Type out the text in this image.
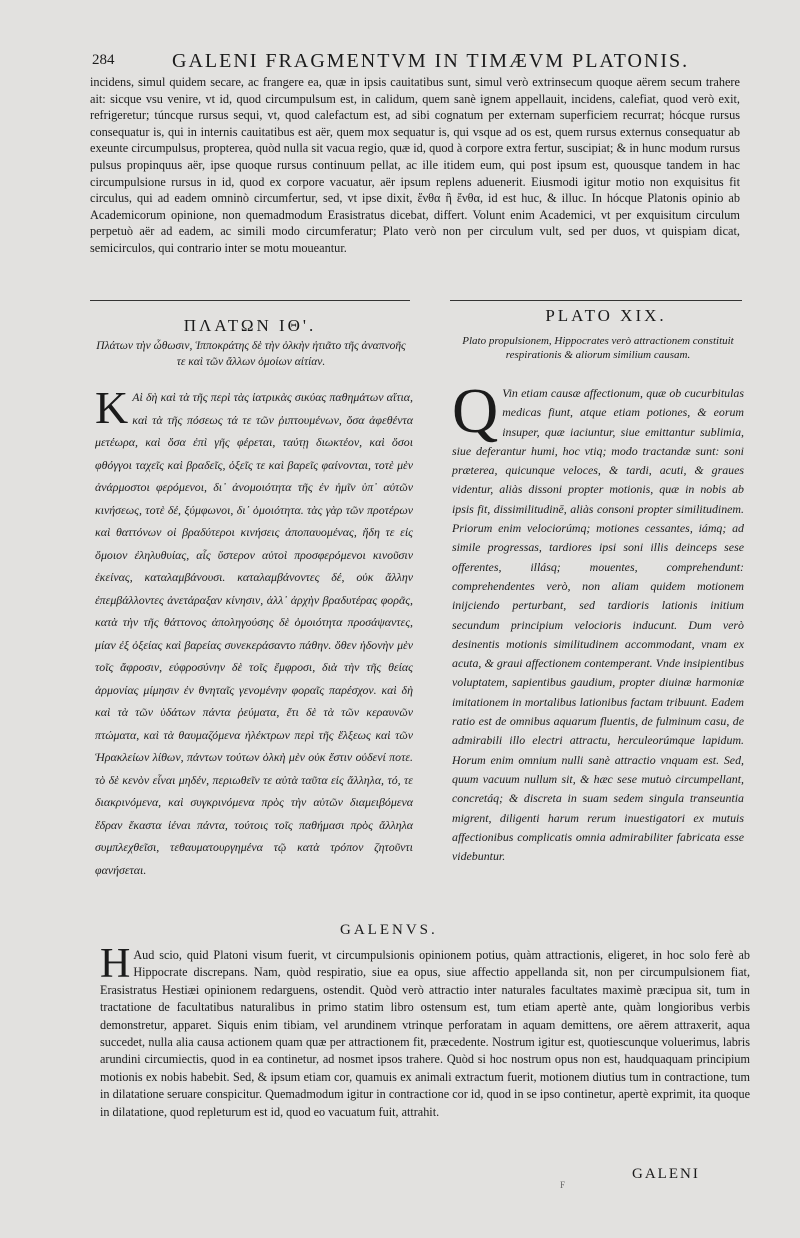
284	GALENI FRAGMENTVM IN TIMÆVM PLATONIS.
incidens, simul quidem secare, ac frangere ea, quæ in ipsis cauitatibus sunt, simul verò extrinsecum quoque aërem secum trahere ait: sicque vsu venire, vt id, quod circumpulsum est, in calidum, quem sanè ignem appellauit, incidens, calefiat, quod verò exit, refrigeretur; túncque rursus sequi, vt, quod calefactum est, ad sibi cognatum per externam superficiem recurrat; hócque rursus consequatur is, qui in internis cauitatibus est aër, quem mox sequatur is, qui vsque ad os est, quem rursus externus consequatur ab exeunte circumpulsus, propterea, quòd nulla sit vacua regio, quæ id, quod à corpore extra fertur, suscipiat; & in hunc modum rursus pulsus propinquus aër, ipse quoque rursus continuum pellat, ac ille itidem eum, qui post ipsum est, quousque tandem in hac circumpulsione rursus in id, quod ex corpore vacuatur, aër ipsum replens aduenerit. Eiusmodi igitur motio non exquisitus fit circulus, qui ad eadem omninò circumfertur, sed, vt ipse dixit, ἔνθα ἢ ἔνθα, id est huc, & illuc. In hócque Platonis opinio ab Academicorum opinione, non quemadmodum Erasistratus dicebat, differt. Volunt enim Academici, vt per exquisitum circulum perpetuò aër ad eadem, ac simili modo circumferatur; Plato verò non per circulum vult, sed per duos, vt quispiam dicat, semicirculos, qui contrario inter se motu moueantur.
ΠΛΑΤΩΝ ΙΘ'.
PLATO XIX.
Πλάτων τὴν ὦθωσιν, Ἱπποκράτης δὲ τὴν ὁλκὴν ἠτιᾶτο τῆς ἀναπνοῆς τε καὶ τῶν ἄλλων ὁμοίων αἰτίαν.
Plato propulsionem, Hippocrates verò attractionem constituit respirationis & aliorum similium causam.
Κ Αὶ δὴ καὶ τὰ τῆς περὶ τὰς ἰατρικὰς σικύας παθημάτων αἴτια, καὶ τὰ τῆς πόσεως τά τε τῶν ῥιπτουμένων, ὅσα ἀφεθέντα μετέωρα, καὶ ὅσα ἐπὶ γῆς φέρεται, ταύτῃ διωκτέον, καὶ ὅσοι φθόγγοι ταχεῖς καὶ βραδεῖς, ὀξεῖς τε καὶ βαρεῖς φαίνονται, τοτὲ μὲν ἀνάρμοστοι φερόμενοι, δι᾽ ἀνομοιότητα τῆς ἐν ἡμῖν ὑπ᾽ αὐτῶν κινήσεως, τοτὲ δέ, ξύμφωνοι, δι᾽ ὁμοιότητα. τὰς γὰρ τῶν προτέρων καὶ θαττόνων οἱ βραδύτεροι κινήσεις ἀποπαυομένας, ἤδη τε εἰς ὅμοιον ἐληλυθυίας, αἷς ὕστερον αὐτοὶ προσφερόμενοι κινοῦσιν ἐκείνας, καταλαμβάνουσι. καταλαμβάνοντες δέ, οὐκ ἄλλην ἐπεμβάλλοντες ἀνετάραξαν κίνησιν, ἀλλ᾽ ἀρχὴν βραδυτέρας φορᾶς, κατὰ τὴν τῆς θάττονος ἀποληγούσης δὲ ὁμοιότητα προσάψαντες, μίαν ἐξ ὀξείας καὶ βαρείας συνεκεράσαντο πάθην. ὅθεν ἡδονὴν μὲν τοῖς ἄφροσιν, εὐφροσύνην δὲ τοῖς ἔμφροσι, διὰ τὴν τῆς θείας ἁρμονίας μίμησιν ἐν θνηταῖς γενομένην φοραῖς παρέσχον. καὶ δὴ καὶ τὰ τῶν ὑδάτων πάντα ῥεύματα, ἔτι δὲ τὰ τῶν κεραυνῶν πτώματα, καὶ τὰ θαυμαζόμενα ἠλέκτρων περὶ τῆς ἕλξεως καὶ τῶν Ἡρακλείων λίθων, πάντων τούτων ὁλκὴ μὲν οὐκ ἔστιν οὐδενί ποτε. τὸ δὲ κενὸν εἶναι μηδέν, περιωθεῖν τε αὑτὰ ταῦτα εἰς ἄλληλα, τό, τε διακρινόμενα, καὶ συγκρινόμενα πρὸς τὴν αὑτῶν διαμειβόμενα ἕδραν ἕκαστα ἰέναι πάντα, τούτοις τοῖς παθήμασι πρὸς ἄλληλα συμπλεχθεῖσι, τεθαυματουργημένα τῷ κατὰ τρόπον ζητοῦντι φανήσεται.
Q Vin etiam causæ affectionum, quæ ob cucurbitulas medicas fiunt, atque etiam potiones, & eorum insuper, quæ iaciuntur, siue emittantur sublimia, siue deferantur humi, hoc vtiq; modo tractandæ sunt: soni præterea, quicunque veloces, & tardi, acuti, & graues videntur, aliàs dissoni propter motionis, quæ in nobis ab ipsis fit, dissimilitudinē, aliàs consoni propter similitudinem. Priorum enim velociorúmq; motiones cessantes, iámq; ad simile progressas, tardiores ipsi soni illis deinceps sese offerentes, illásq; mouentes, comprehendunt: comprehendentes verò, non aliam quidem motionem inijciendo perturbant, sed tardioris lationis initium secundum principium velocioris inducunt. Dum verò desinentis motionis similitudinem accommodant, vnam ex acuta, & graui affectionem contemperant. Vnde insipientibus voluptatem, sapientibus gaudium, propter diuinæ harmoniæ imitationem in mortalibus lationibus factam tribuunt. Eadem ratio est de omnibus aquarum fluentis, de fulminum casu, de admirabili illo electri attractu, herculeorúmque lapidum. Horum enim omnium nulli sanè attractio vnquam est. Sed, quum vacuum nullum sit, & hæc sese mutuò circumpellant, concretáq; & discreta in suam sedem singula transeuntia migrent, diligenti harum rerum inuestigatori ex mutuis affectionibus complicatis omnia admirabiliter fabricata esse videbuntur.
GALENVS.
H Aud scio, quid Platoni visum fuerit, vt circumpulsionis opinionem potius, quàm attractionis, eligeret, in hoc solo ferè ab Hippocrate discrepans. Nam, quòd respiratio, siue ea opus, siue affectio appellanda sit, non per circumpulsionem fiat, Erasistratus Hestiæi opinionem redarguens, ostendit. Quòd verò attractio inter naturales facultates maximè præcipua sit, tum in tractatione de facultatibus naturalibus in primo statim libro ostensum est, tum etiam apertè ante, quàm longioribus verbis demonstretur, apparet. Siquis enim tibiam, vel arundinem vtrinque perforatam in aquam demittens, ore aërem attraxerit, aqua succedet, nulla alia causa actionem quam quæ per attractionem fit, præcedente. Nostrum igitur est, quotiescunque voluerimus, labris arundini circumiectis, quod in ea continetur, ad nosmet ipsos trahere. Quòd si hoc nostrum opus non est, haudquaquam principium motionis ex nobis habebit. Sed, & ipsum etiam cor, quamuis ex animali extractum fuerit, motionem diutius tum in contractione, tum in dilatatione seruare conspicitur. Quemadmodum igitur in contractione cor id, quod in se ipso continetur, apertè exprimit, ita quoque in dilatatione, quod repleturum est id, quod eo vacuatum fuit, attrahit.
GALENI
F
